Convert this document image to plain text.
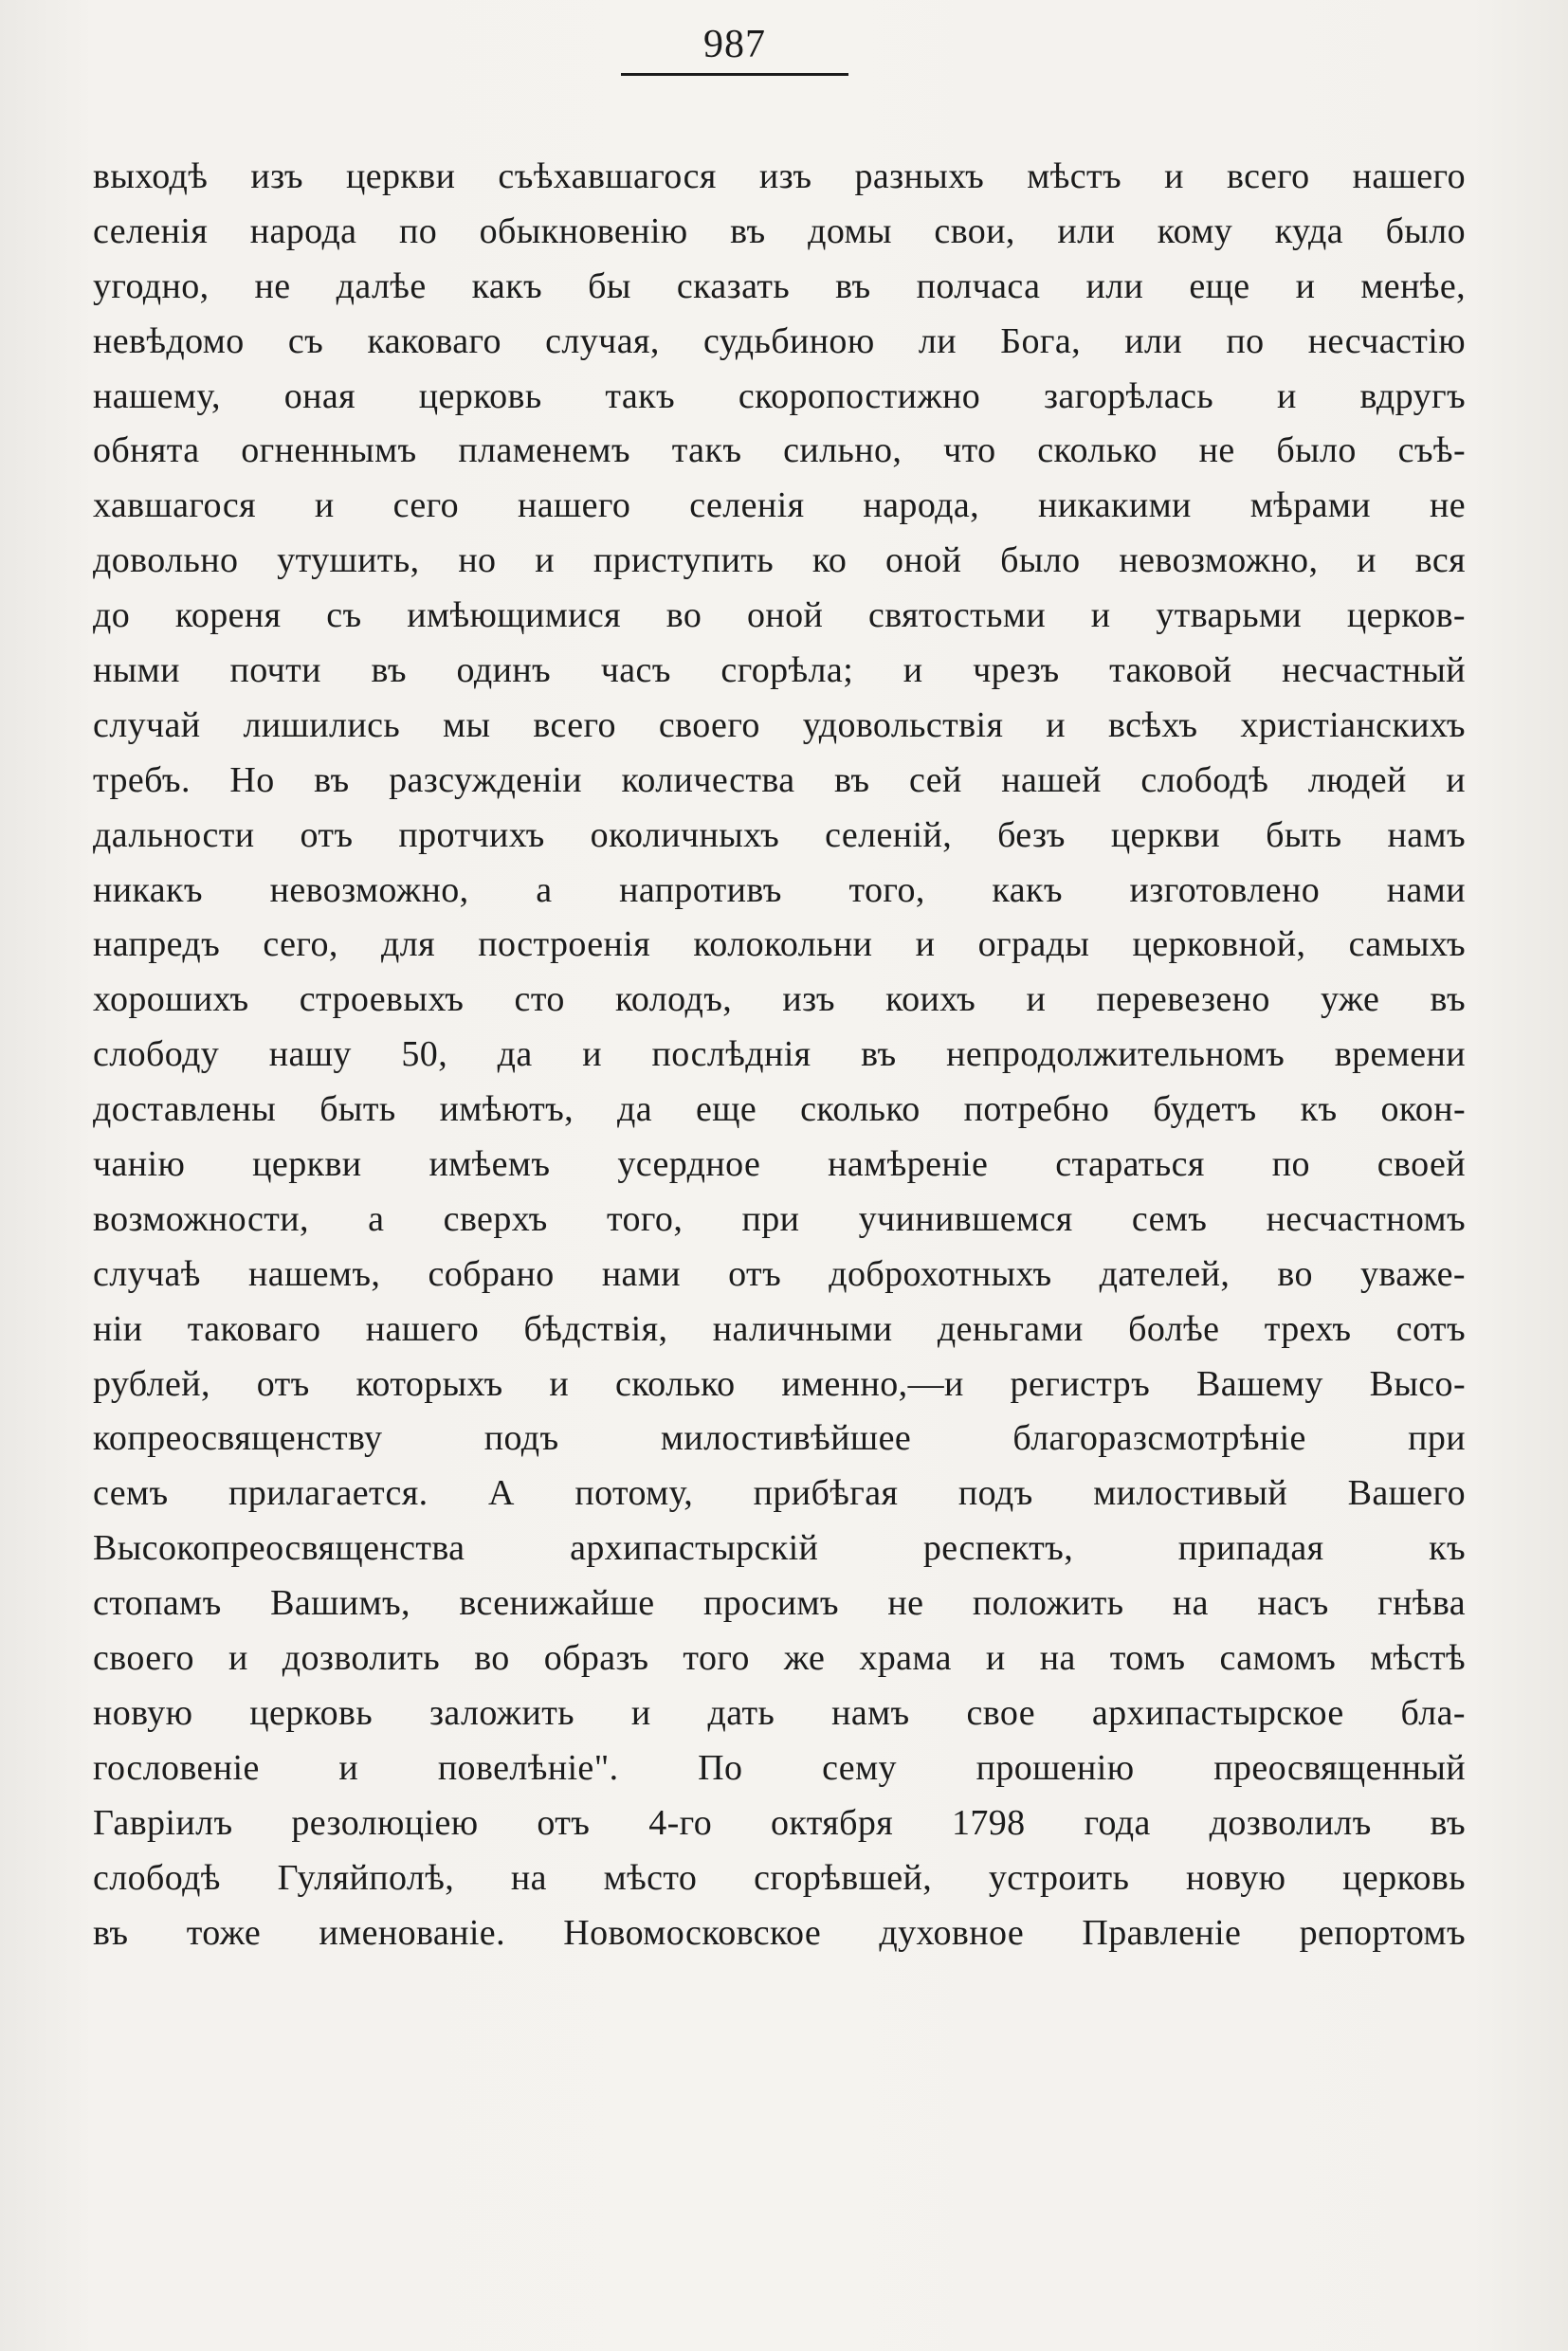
987

выходѣ изъ церкви съѣхавшагося изъ разныхъ мѣстъ и всего нашего
селенія народа по обыкновенію въ домы свои, или кому куда было
угодно, не далѣе какъ бы сказать въ полчаса или еще и менѣе,
невѣдомо съ каковаго случая, судьбиною ли Бога, или по несчастію
нашему, оная церковь такъ скоропостижно загорѣлась и вдругъ
обнята огненнымъ пламенемъ такъ сильно, что сколько не было съѣ-
хавшагося и сего нашего селенія народа, никакими мѣрами не
довольно утушить, но и приступить ко оной было невозможно, и вся
до кореня съ имѣющимися во оной святостьми и утварьми церков-
ными почти въ одинъ часъ сгорѣла; и чрезъ таковой несчастный
случай лишились мы всего своего удовольствія и всѣхъ христіанскихъ
требъ. Но въ разсужденіи количества въ сей нашей слободѣ людей и
дальности отъ протчихъ околичныхъ селеній, безъ церкви быть намъ
никакъ невозможно, а напротивъ того, какъ изготовлено нами
напредъ сего, для построенія колокольни и ограды церковной, самыхъ
хорошихъ строевыхъ сто колодъ, изъ коихъ и перевезено уже въ
слободу нашу 50, да и послѣднія въ непродолжительномъ времени
доставлены быть имѣютъ, да еще сколько потребно будетъ къ окон-
чанію церкви имѣемъ усердное намѣреніе стараться по своей
возможности, а сверхъ того, при учинившемся семъ несчастномъ
случаѣ нашемъ, собрано нами отъ доброхотныхъ дателей, во уваже-
ніи таковаго нашего бѣдствія, наличными деньгами болѣе трехъ сотъ
рублей, отъ которыхъ и сколько именно,—и регистръ Вашему Высо-
копреосвященству подъ милостивѣйшее благоразсмотрѣніе при
семъ прилагается. А потому, прибѣгая подъ милостивый Вашего
Высокопреосвященства архипастырскій респектъ, припадая къ
стопамъ Вашимъ, всенижайше просимъ не положить на насъ гнѣва
своего и дозволить во образъ того же храма и на томъ самомъ мѣстѣ
новую церковь заложить и дать намъ свое архипастырское бла-
гословеніе и повелѣніе". По сему прошенію преосвященный
Гавріилъ резолюціею отъ 4-го октября 1798 года дозволилъ въ
слободѣ Гуляйполѣ, на мѣсто сгорѣвшей, устроить новую церковь
въ тоже именованіе. Новомосковское духовное Правленіе репортомъ
